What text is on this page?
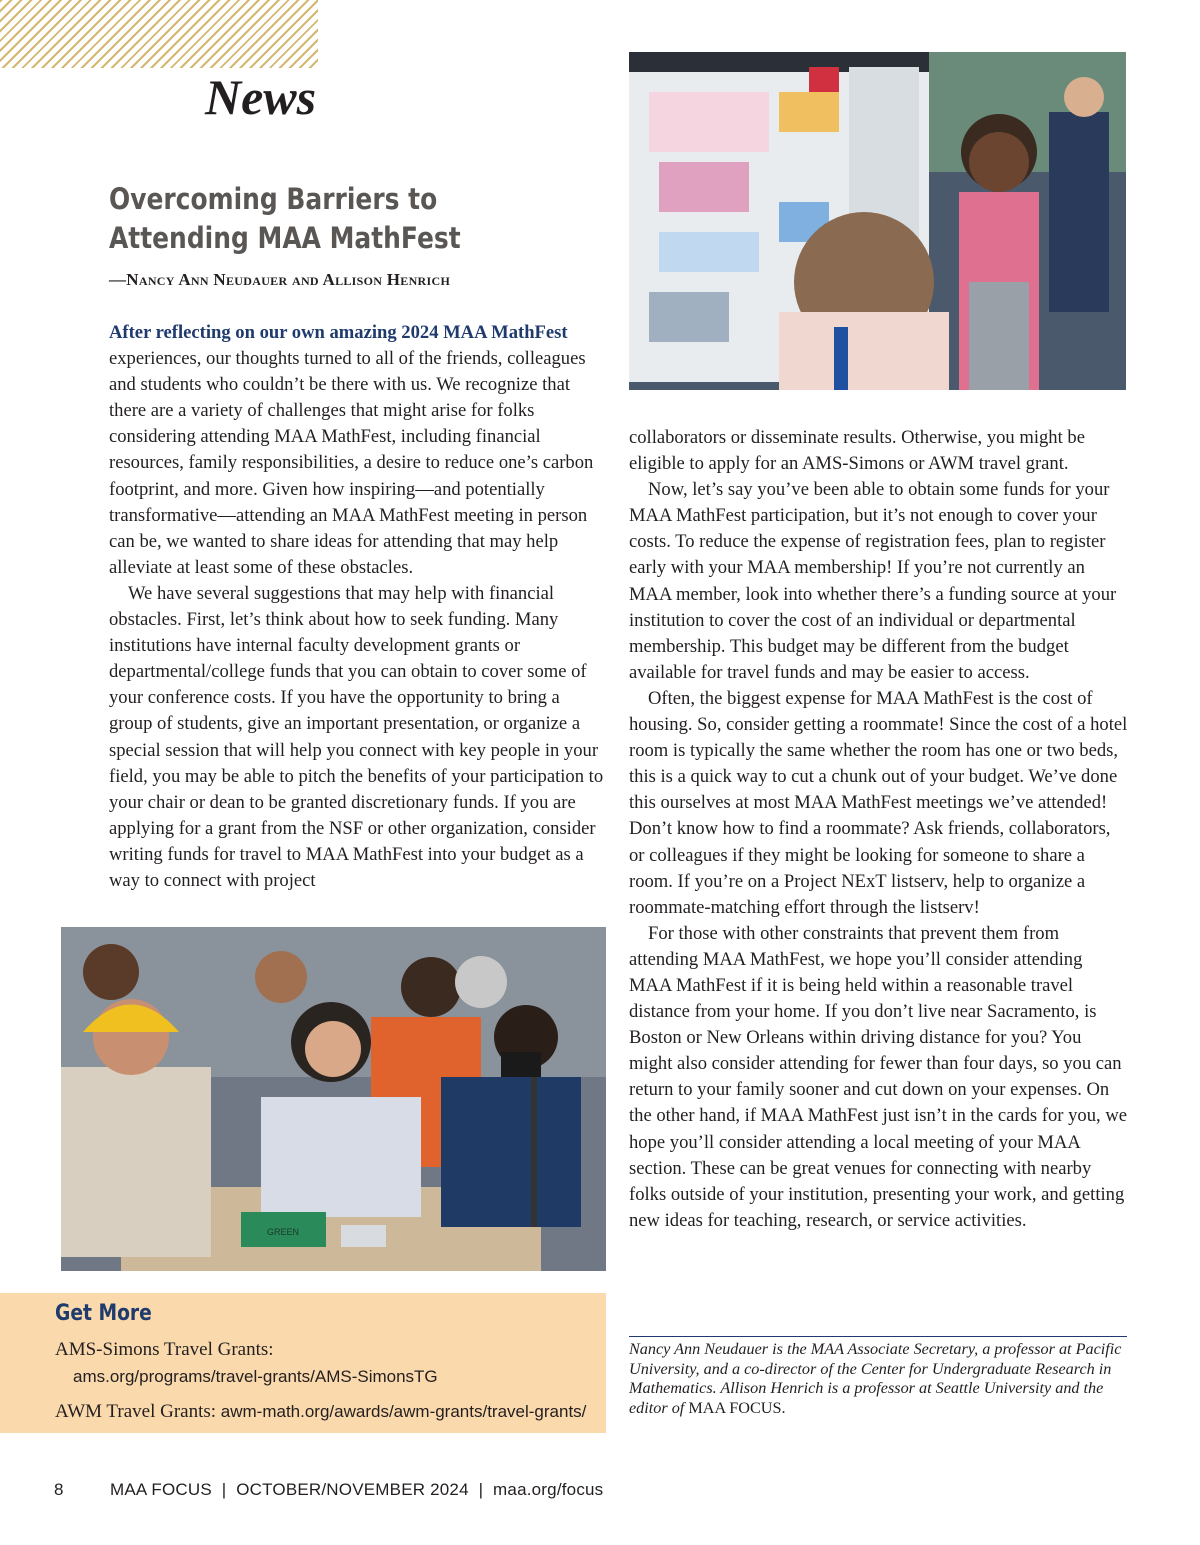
News
Overcoming Barriers to Attending MAA MathFest

—Nancy Ann Neudauer and Allison Henrich

After reflecting on our own amazing 2024 MAA MathFest experiences, our thoughts turned to all of the friends, colleagues and students who couldn’t be there with us. We recognize that there are a variety of challenges that might arise for folks considering attending MAA MathFest, including financial resources, family responsibilities, a desire to reduce one’s carbon footprint, and more. Given how inspiring—and potentially transformative—attending an MAA MathFest meeting in person can be, we wanted to share ideas for attending that may help alleviate at least some of these obstacles.

We have several suggestions that may help with financial obstacles. First, let’s think about how to seek funding. Many institutions have internal faculty development grants or departmental/college funds that you can obtain to cover some of your conference costs. If you have the opportunity to bring a group of students, give an important presentation, or organize a special session that will help you connect with key people in your field, you may be able to pitch the benefits of your participation to your chair or dean to be granted discretionary funds. If you are applying for a grant from the NSF or other organization, consider writing funds for travel to MAA MathFest into your budget as a way to connect with project

collaborators or disseminate results. Otherwise, you might be eligible to apply for an AMS-Simons or AWM travel grant.

Now, let’s say you’ve been able to obtain some funds for your MAA MathFest participation, but it’s not enough to cover your costs. To reduce the expense of registration fees, plan to register early with your MAA membership! If you’re not currently an MAA member, look into whether there’s a funding source at your institution to cover the cost of an individual or departmental membership. This budget may be different from the budget available for travel funds and may be easier to access.

Often, the biggest expense for MAA MathFest is the cost of housing. So, consider getting a roommate! Since the cost of a hotel room is typically the same whether the room has one or two beds, this is a quick way to cut a chunk out of your budget. We’ve done this ourselves at most MAA MathFest meetings we’ve attended! Don’t know how to find a roommate? Ask friends, collaborators, or colleagues if they might be looking for someone to share a room. If you’re on a Project NExT listserv, help to organize a roommate-matching effort through the listserv!

For those with other constraints that prevent them from attending MAA MathFest, we hope you’ll consider attending MAA MathFest if it is being held within a reasonable travel distance from your home. If you don’t live near Sacramento, is Boston or New Orleans within driving distance for you? You might also consider attending for fewer than four days, so you can return to your family sooner and cut down on your expenses. On the other hand, if MAA MathFest just isn’t in the cards for you, we hope you’ll consider attending a local meeting of your MAA section. These can be great venues for connecting with nearby folks outside of your institution, presenting your work, and getting new ideas for teaching, research, or service activities.

GREEN
Get More
AMS-Simons Travel Grants:
ams.org/programs/travel-grants/AMS-SimonsTG
AWM Travel Grants: awm-math.org/awards/awm-grants/travel-grants/

Nancy Ann Neudauer is the MAA Associate Secretary, a professor at Pacific University, and a co-director of the Center for Undergraduate Research in Mathematics. Allison Henrich is a professor at Seattle University and the editor of MAA FOCUS.

8	MAA FOCUS  |  OCTOBER/NOVEMBER 2024  |  maa.org/focus
